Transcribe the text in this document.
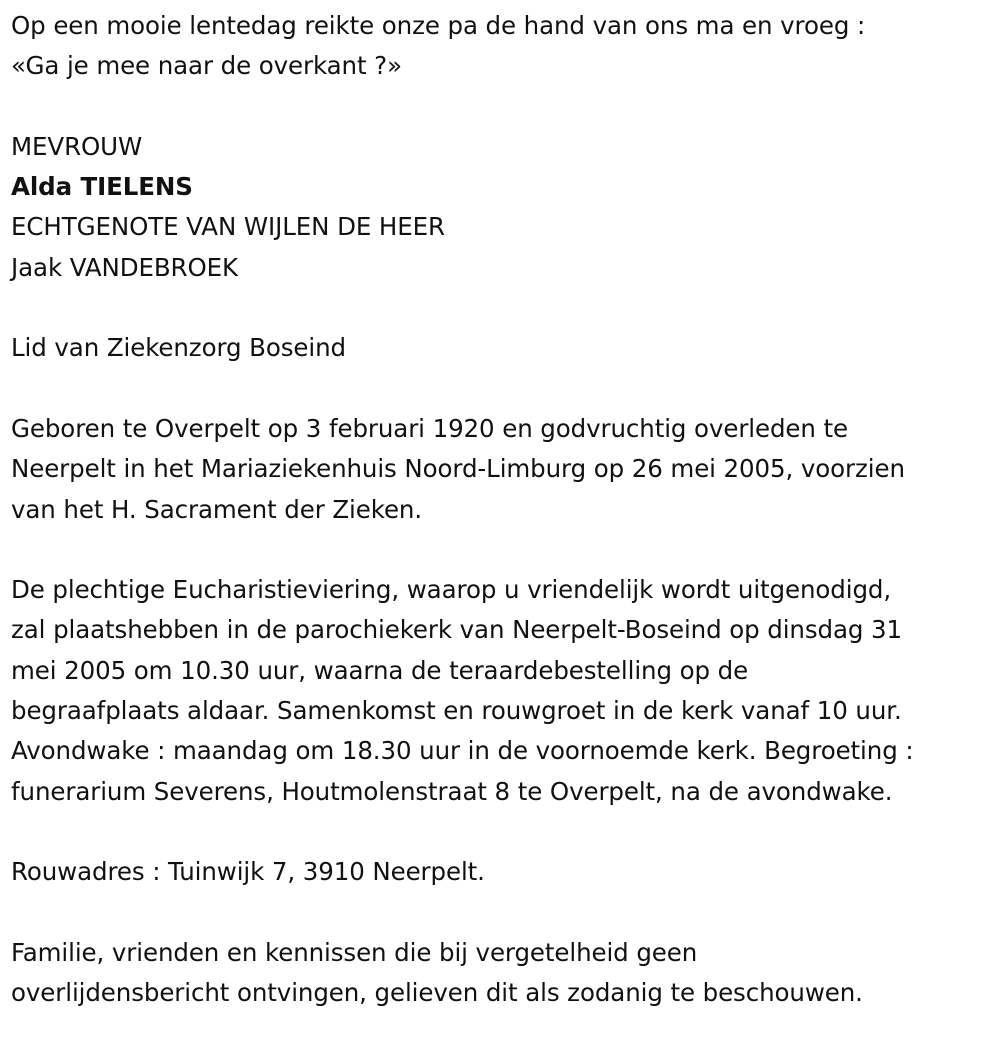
Op een mooie lentedag reikte onze pa de hand van ons ma en vroeg :
«Ga je mee naar de overkant ?»
MEVROUW
Alda TIELENS
ECHTGENOTE VAN WIJLEN DE HEER
Jaak VANDEBROEK
Lid van Ziekenzorg Boseind
Geboren te Overpelt op 3 februari 1920 en godvruchtig overleden te
Neerpelt in het Mariaziekenhuis Noord-Limburg op 26 mei 2005, voorzien
van het H. Sacrament der Zieken.
De plechtige Eucharistieviering, waarop u vriendelijk wordt uitgenodigd,
zal plaatshebben in de parochiekerk van Neerpelt-Boseind op dinsdag 31
mei 2005 om 10.30 uur, waarna de teraardebestelling op de
begraafplaats aldaar. Samenkomst en rouwgroet in de kerk vanaf 10 uur.
Avondwake : maandag om 18.30 uur in de voornoemde kerk. Begroeting :
funerarium Severens, Houtmolenstraat 8 te Overpelt, na de avondwake.
Rouwadres : Tuinwijk 7, 3910 Neerpelt.
Familie, vrienden en kennissen die bij vergetelheid geen
overlijdensbericht ontvingen, gelieven dit als zodanig te beschouwen.
